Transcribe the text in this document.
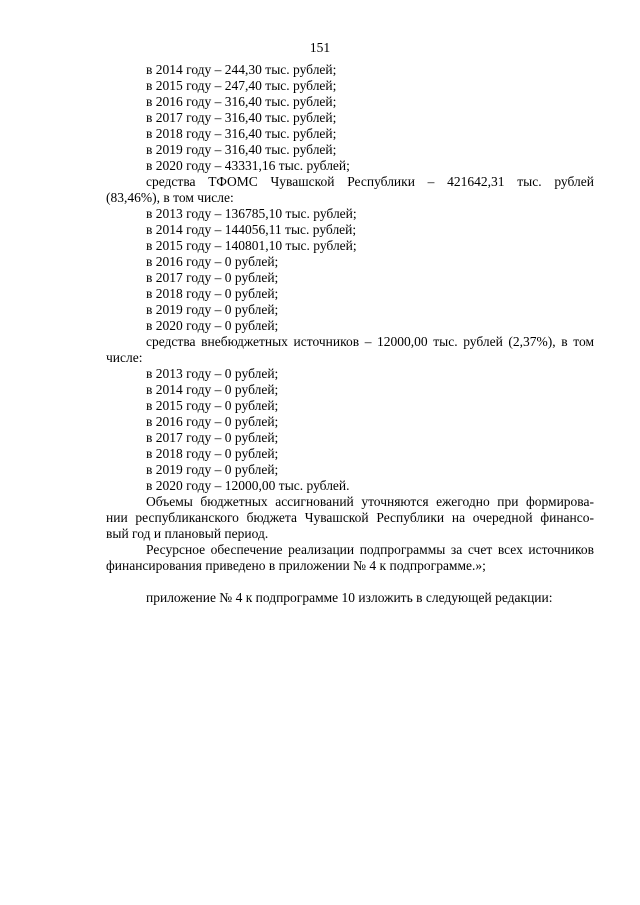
151
в 2014 году – 244,30 тыс. рублей;
в 2015 году – 247,40 тыс. рублей;
в 2016 году – 316,40 тыс. рублей;
в 2017 году – 316,40 тыс. рублей;
в 2018 году – 316,40 тыс. рублей;
в 2019 году – 316,40 тыс. рублей;
в 2020 году – 43331,16 тыс. рублей;
средства ТФОМС Чувашской Республики – 421642,31 тыс. рублей
(83,46%), в том числе:
в 2013 году – 136785,10 тыс. рублей;
в 2014 году – 144056,11 тыс. рублей;
в 2015 году – 140801,10 тыс. рублей;
в 2016 году – 0 рублей;
в 2017 году – 0 рублей;
в 2018 году – 0 рублей;
в 2019 году – 0 рублей;
в 2020 году – 0 рублей;
средства внебюджетных источников – 12000,00 тыс. рублей (2,37%), в том
числе:
в 2013 году – 0 рублей;
в 2014 году – 0 рублей;
в 2015 году – 0 рублей;
в 2016 году – 0 рублей;
в 2017 году – 0 рублей;
в 2018 году – 0 рублей;
в 2019 году – 0 рублей;
в 2020 году – 12000,00 тыс. рублей.
Объемы бюджетных ассигнований уточняются ежегодно при формирова-
нии республиканского бюджета Чувашской Республики на очередной финансо-
вый год и плановый период.
Ресурсное обеспечение реализации подпрограммы за счет всех источников
финансирования приведено в приложении № 4 к подпрограмме.»;
приложение № 4 к подпрограмме 10 изложить в следующей редакции:
